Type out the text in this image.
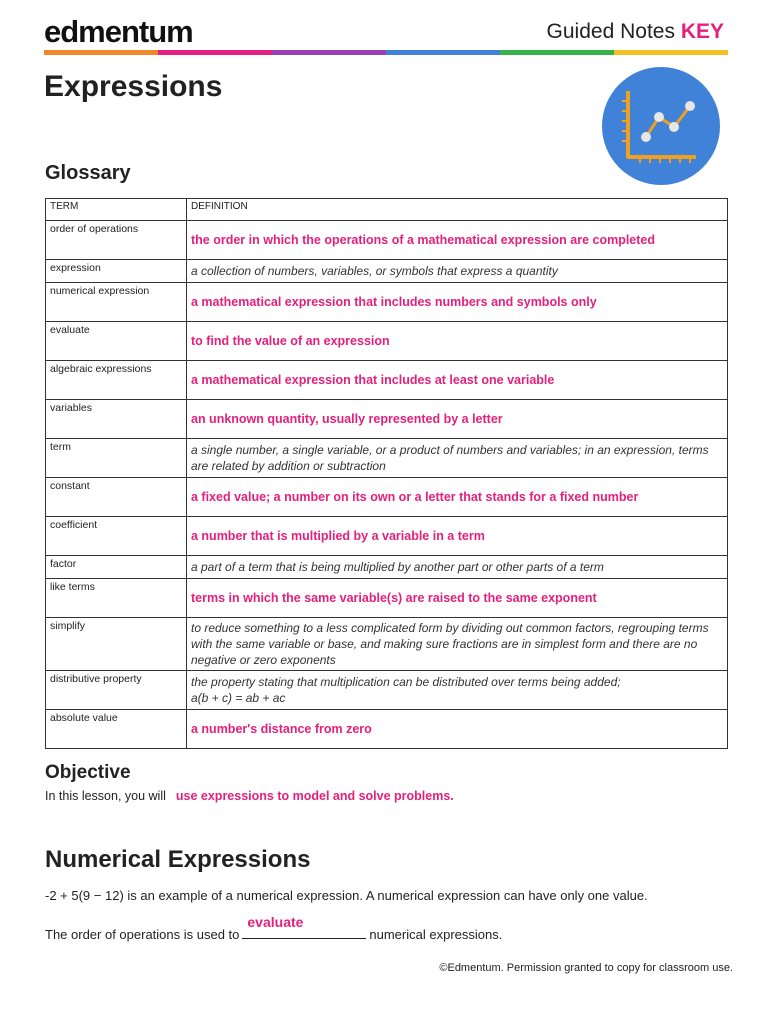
edmentum	Guided Notes KEY
Expressions
Glossary
TERM	DEFINITION
order of operations	the order in which the operations of a mathematical expression are completed
expression	a collection of numbers, variables, or symbols that express a quantity
numerical expression	a mathematical expression that includes numbers and symbols only
evaluate	to find the value of an expression
algebraic expressions	a mathematical expression that includes at least one variable
variables	an unknown quantity, usually represented by a letter
term	a single number, a single variable, or a product of numbers and variables; in an expression, terms are related by addition or subtraction
constant	a fixed value; a number on its own or a letter that stands for a fixed number
coefficient	a number that is multiplied by a variable in a term
factor	a part of a term that is being multiplied by another part or other parts of a term
like terms	terms in which the same variable(s) are raised to the same exponent
simplify	to reduce something to a less complicated form by dividing out common factors, regrouping terms with the same variable or base, and making sure fractions are in simplest form and there are no negative or zero exponents
distributive property	the property stating that multiplication can be distributed over terms being added;
a(b + c) = ab + ac
absolute value	a number's distance from zero
Objective
In this lesson, you will use expressions to model and solve problems.
Numerical Expressions
-2 + 5(9 − 12) is an example of a numerical expression. A numerical expression can have only one value.
The order of operations is used to
evaluate
numerical expressions.
©Edmentum. Permission granted to copy for classroom use.
